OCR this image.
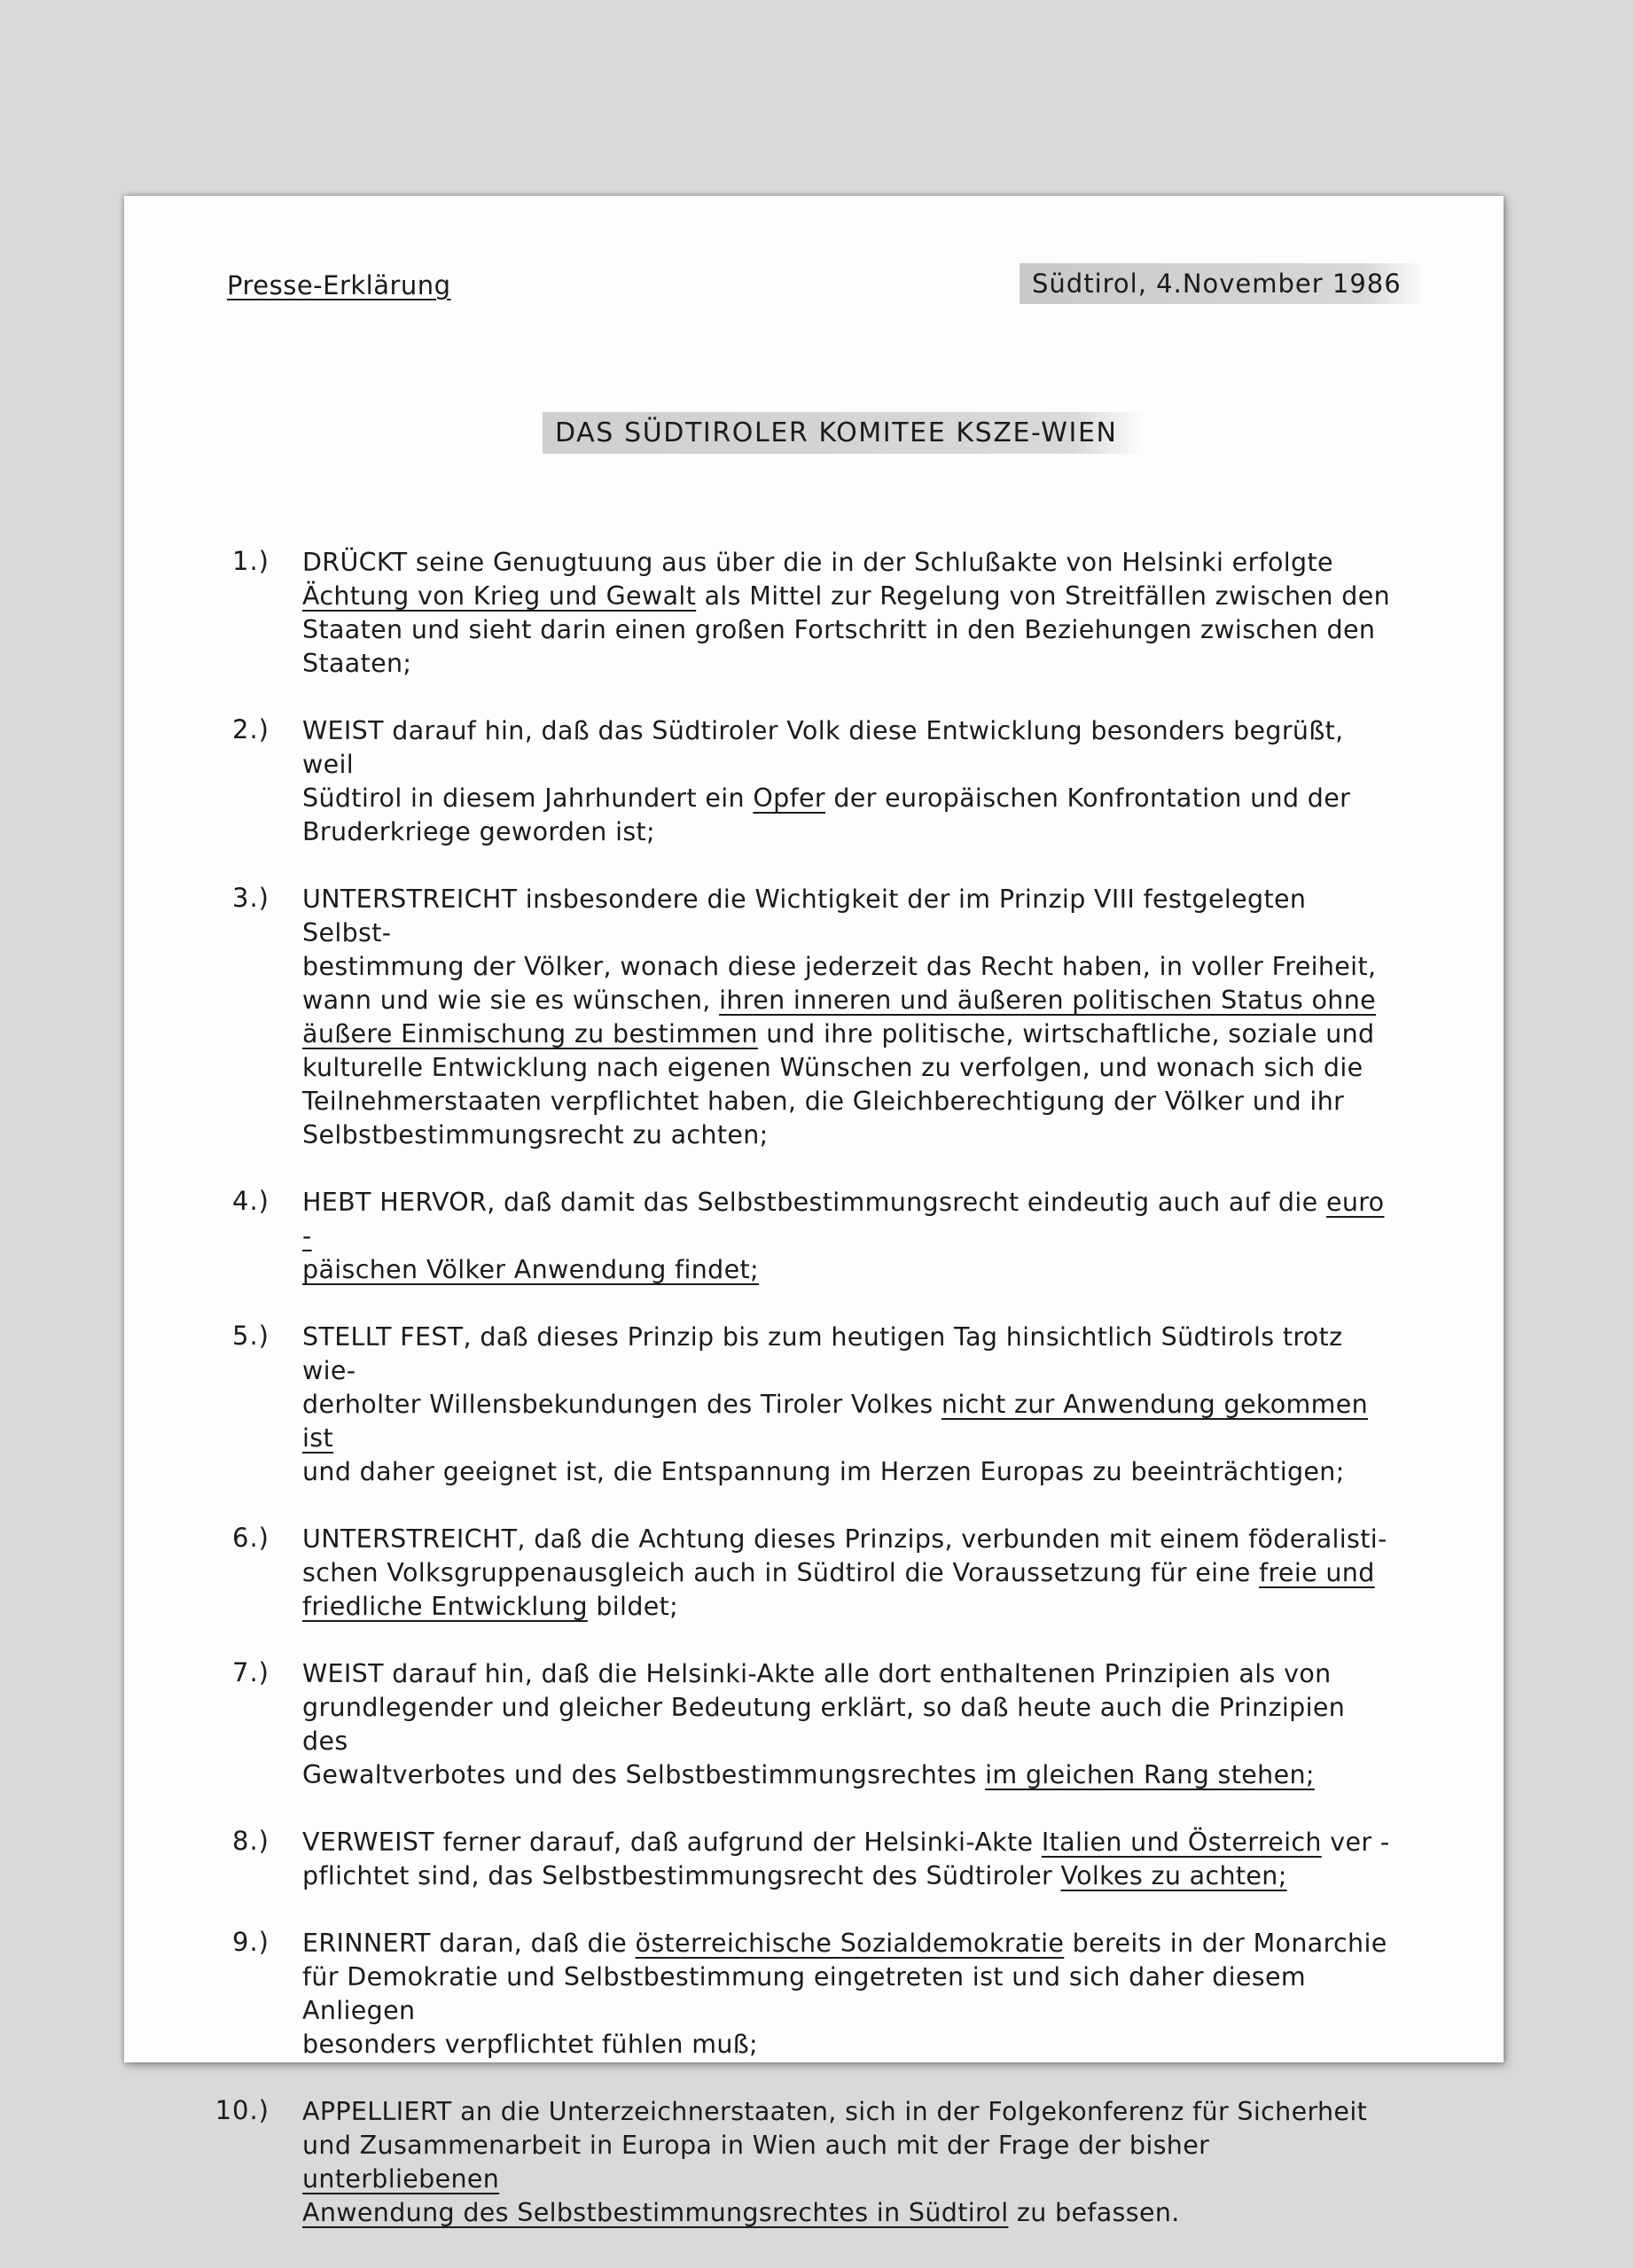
Presse-Erklärung	Südtirol, 4.November 1986
DAS SÜDTIROLER KOMITEE KSZE-WIEN
1.) DRÜCKT seine Genugtuung aus über die in der Schlußakte von Helsinki erfolgte
Ächtung von Krieg und Gewalt als Mittel zur Regelung von Streitfällen zwischen den
Staaten und sieht darin einen großen Fortschritt in den Beziehungen zwischen den
Staaten;
2.) WEIST darauf hin, daß das Südtiroler Volk diese Entwicklung besonders begrüßt, weil
Südtirol in diesem Jahrhundert ein Opfer der europäischen Konfrontation und der
Bruderkriege geworden ist;
3.) UNTERSTREICHT insbesondere die Wichtigkeit der im Prinzip VIII festgelegten Selbst-
bestimmung der Völker, wonach diese jederzeit das Recht haben, in voller Freiheit,
wann und wie sie es wünschen, ihren inneren und äußeren politischen Status ohne
äußere Einmischung zu bestimmen und ihre politische, wirtschaftliche, soziale und
kulturelle Entwicklung nach eigenen Wünschen zu verfolgen, und wonach sich die
Teilnehmerstaaten verpflichtet haben, die Gleichberechtigung der Völker und ihr
Selbstbestimmungsrecht zu achten;
4.) HEBT HERVOR, daß damit das Selbstbestimmungsrecht eindeutig auch auf die euro -
päischen Völker Anwendung findet;
5.) STELLT FEST, daß dieses Prinzip bis zum heutigen Tag hinsichtlich Südtirols trotz wie-
derholter Willensbekundungen des Tiroler Volkes nicht zur Anwendung gekommen ist
und daher geeignet ist, die Entspannung im Herzen Europas zu beeinträchtigen;
6.) UNTERSTREICHT, daß die Achtung dieses Prinzips, verbunden mit einem föderalisti-
schen Volksgruppenausgleich auch in Südtirol die Voraussetzung für eine freie und
friedliche Entwicklung bildet;
7.) WEIST darauf hin, daß die Helsinki-Akte alle dort enthaltenen Prinzipien als von
grundlegender und gleicher Bedeutung erklärt, so daß heute auch die Prinzipien des
Gewaltverbotes und des Selbstbestimmungsrechtes im gleichen Rang stehen;
8.) VERWEIST ferner darauf, daß aufgrund der Helsinki-Akte Italien und Österreich ver -
pflichtet sind, das Selbstbestimmungsrecht des Südtiroler Volkes zu achten;
9.) ERINNERT daran, daß die österreichische Sozialdemokratie bereits in der Monarchie
für Demokratie und Selbstbestimmung eingetreten ist und sich daher diesem Anliegen
besonders verpflichtet fühlen muß;
10.) APPELLIERT an die Unterzeichnerstaaten, sich in der Folgekonferenz für Sicherheit
und Zusammenarbeit in Europa in Wien auch mit der Frage der bisher unterbliebenen
Anwendung des Selbstbestimmungsrechtes in Südtirol zu befassen.
